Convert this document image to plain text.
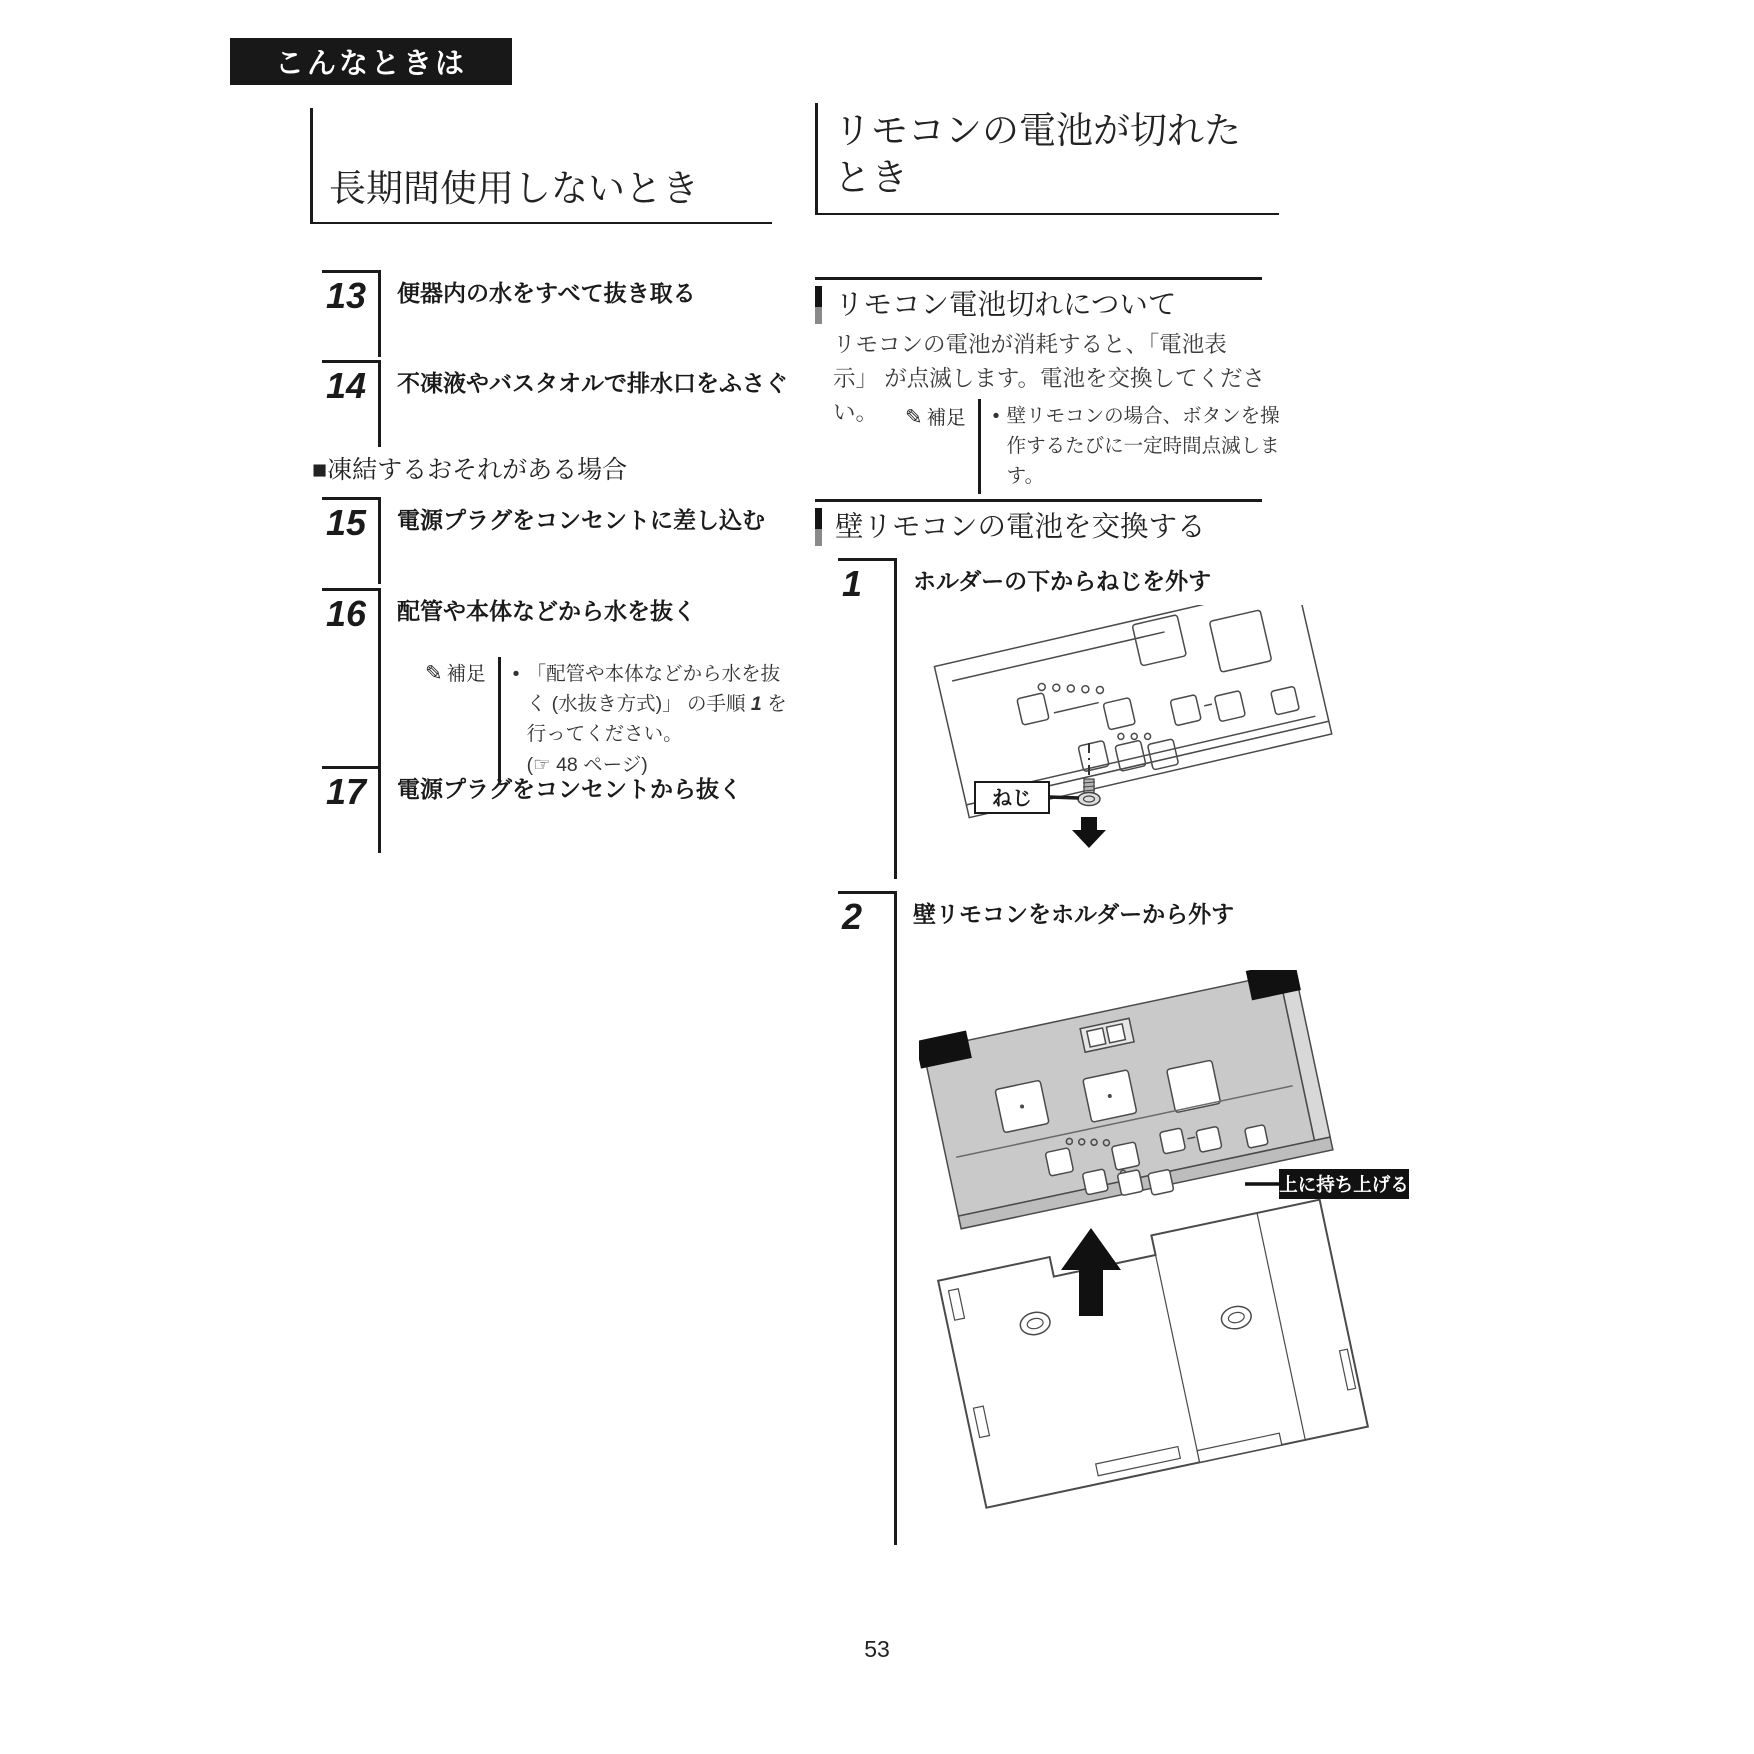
こんなときは
長期間使用しないとき
13	便器内の水をすべて抜き取る
14	不凍液やバスタオルで排水口をふさぐ
■凍結するおそれがある場合
15	電源プラグをコンセントに差し込む
16	配管や本体などから水を抜く
✎ 補足	• 「配管や本体などから水を抜く (水抜き方式)」 の手順 1 を行ってください。
(☞ 48 ページ)
17	電源プラグをコンセントから抜く
リモコンの電池が切れた
とき
リモコン電池切れについて
リモコンの電池が消耗すると、「電池表示」 が点滅します。電池を交換してください。	✎ 補足	• 壁リモコンの場合、ボタンを操作するたびに一定時間点滅します。
壁リモコンの電池を交換する
1	ホルダーの下からねじを外す
ねじ
2	壁リモコンをホルダーから外す
上に持ち上げる
53
